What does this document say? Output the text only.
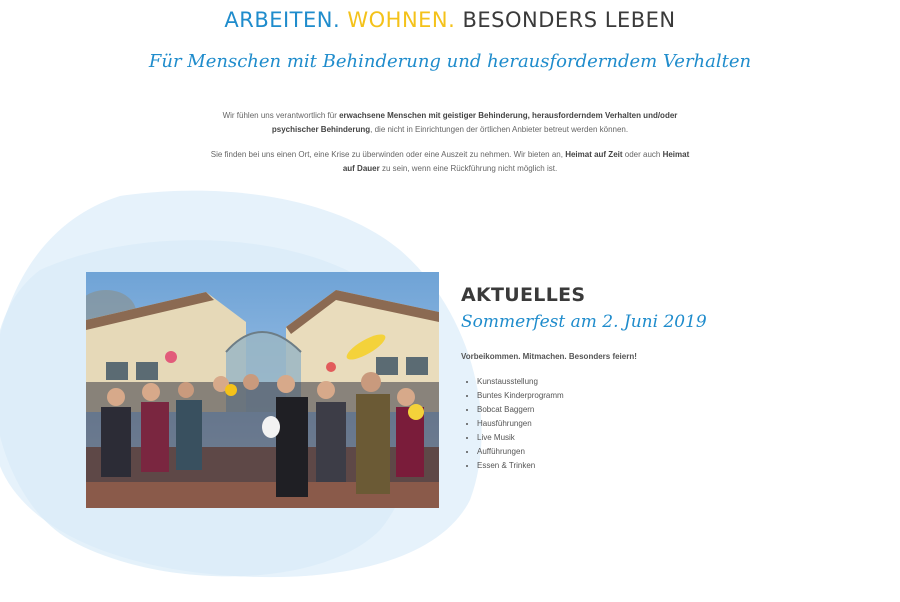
ARBEITEN. WOHNEN. BESONDERS LEBEN
Für Menschen mit Behinderung und herausforderndem Verhalten
Wir fühlen uns verantwortlich für erwachsene Menschen mit geistiger Behinderung, herausforderndem Verhalten und/oder psychischer Behinderung, die nicht in Einrichtungen der örtlichen Anbieter betreut werden können.
Sie finden bei uns einen Ort, eine Krise zu überwinden oder eine Auszeit zu nehmen. Wir bieten an, Heimat auf Zeit oder auch Heimat auf Dauer zu sein, wenn eine Rückführung nicht möglich ist.
AKTUELLES
Sommerfest am 2. Juni 2019
Vorbeikommen. Mitmachen. Besonders feiern!
• Kunstausstellung
• Buntes Kinderprogramm
• Bobcat Baggern
• Hausführungen
• Live Musik
• Aufführungen
• Essen & Trinken
